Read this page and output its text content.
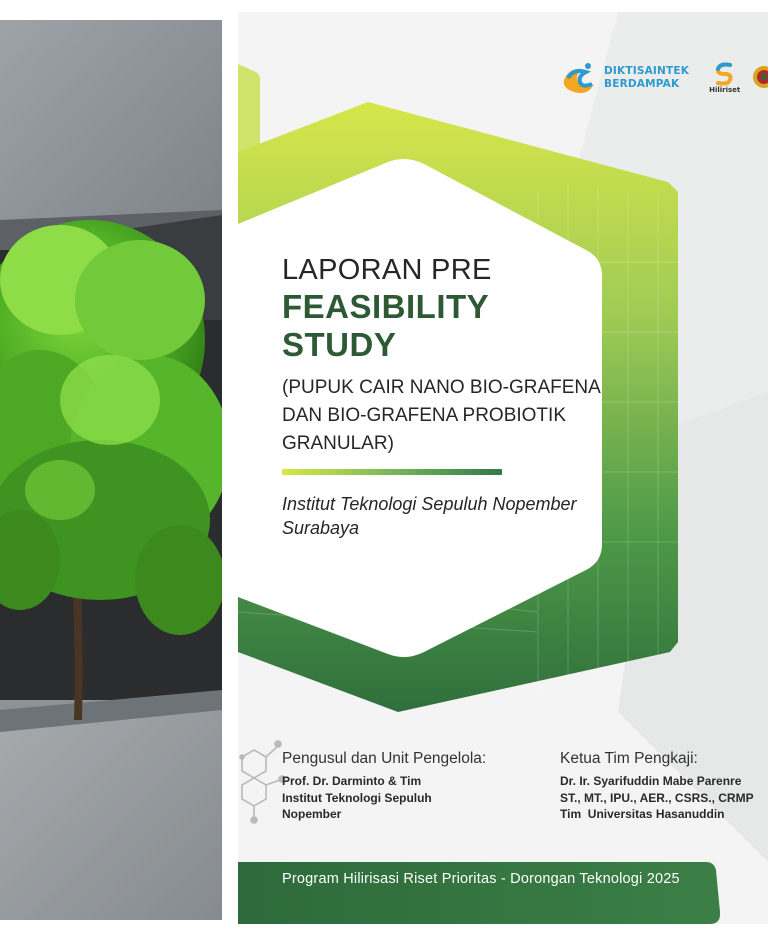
DIKTISAINTEK
BERDAMPAK	Hiliriset
LAPORAN PRE
FEASIBILITY
STUDY
(PUPUK CAIR NANO BIO-GRAFENA DAN BIO-GRAFENA PROBIOTIK GRANULAR)
Institut Teknologi Sepuluh Nopember Surabaya
Pengusul dan Unit Pengelola:
Prof. Dr. Darminto & Tim
Institut Teknologi Sepuluh
Nopember
Ketua Tim Pengkaji:
Dr. Ir. Syarifuddin Mabe Parenre
ST., MT., IPU., AER., CSRS., CRMP
Tim  Universitas Hasanuddin
Program Hilirisasi Riset Prioritas - Dorongan Teknologi 2025
